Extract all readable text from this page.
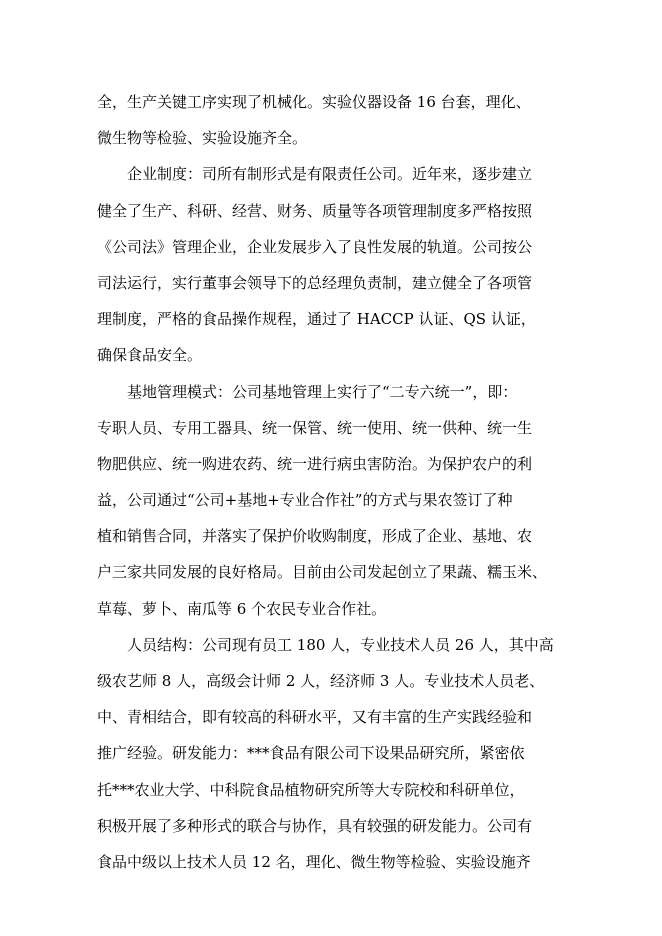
全，生产关键工序实现了机械化。实验仪器设备 16 台套，理化、
微生物等检验、实验设施齐全。
企业制度：司所有制形式是有限责任公司。近年来，逐步建立
健全了生产、科研、经营、财务、质量等各项管理制度多严格按照
《公司法》管理企业，企业发展步入了良性发展的轨道。公司按公
司法运行，实行董事会领导下的总经理负责制，建立健全了各项管
理制度，严格的食品操作规程，通过了 HACCP 认证、QS 认证，
确保食品安全。
基地管理模式：公司基地管理上实行了“二专六统一”，即：
专职人员、专用工器具、统一保管、统一使用、统一供种、统一生
物肥供应、统一购进农药、统一进行病虫害防治。为保护农户的利
益，公司通过“公司+基地+专业合作社”的方式与果农签订了种
植和销售合同，并落实了保护价收购制度，形成了企业、基地、农
户三家共同发展的良好格局。目前由公司发起创立了果蔬、糯玉米、
草莓、萝卜、南瓜等 6 个农民专业合作社。
人员结构：公司现有员工 180 人，专业技术人员 26 人，其中高
级农艺师 8 人，高级会计师 2 人，经济师 3 人。专业技术人员老、
中、青相结合，即有较高的科研水平，又有丰富的生产实践经验和
推广经验。研发能力：***食品有限公司下设果品研究所，紧密依
托***农业大学、中科院食品植物研究所等大专院校和科研单位，
积极开展了多种形式的联合与协作，具有较强的研发能力。公司有
食品中级以上技术人员 12 名，理化、微生物等检验、实验设施齐
